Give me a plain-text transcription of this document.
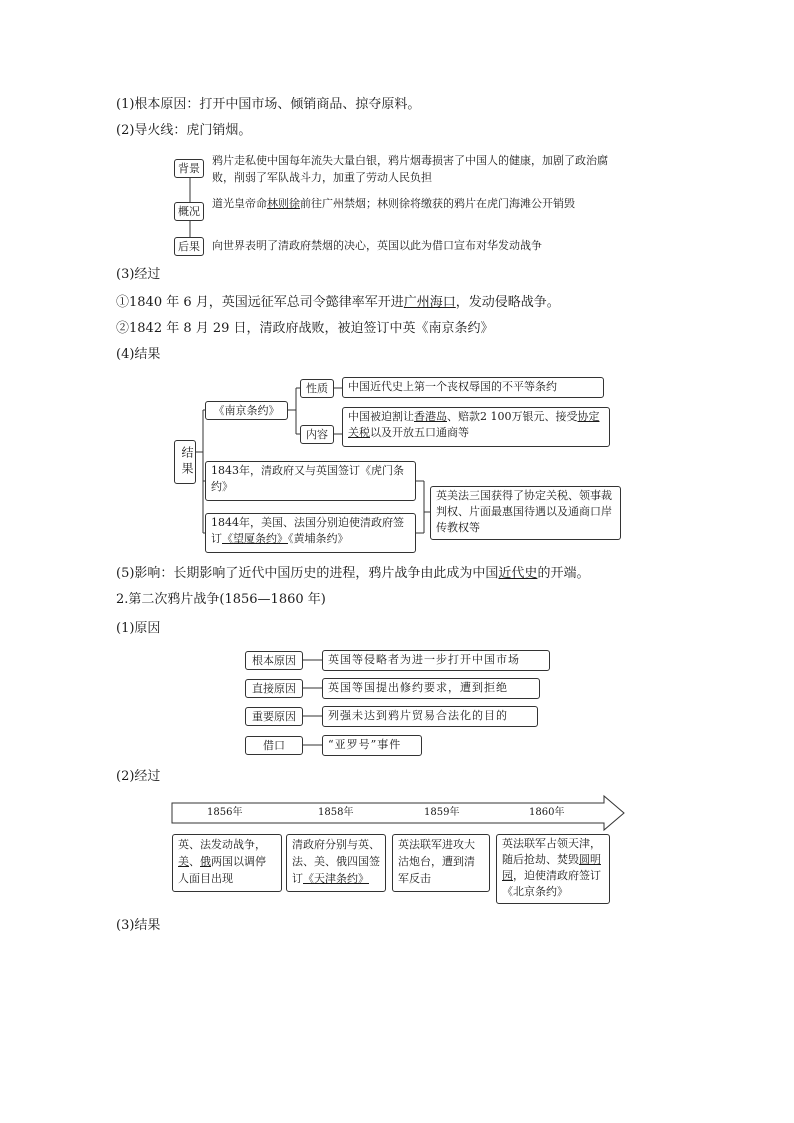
(1)根本原因：打开中国市场、倾销商品、掠夺原料。
(2)导火线：虎门销烟。
背景
鸦片走私使中国每年流失大量白银，鸦片烟毒损害了中国人的健康，加剧了政治腐败，削弱了军队战斗力，加重了劳动人民负担
概况
道光皇帝命林则徐前往广州禁烟；林则徐将缴获的鸦片在虎门海滩公开销毁
后果	向世界表明了清政府禁烟的决心，英国以此为借口宣布对华发动战争
(3)经过
①1840 年 6 月，英国远征军总司令懿律率军开进广州海口，发动侵略战争。
②1842 年 8 月 29 日，清政府战败，被迫签订中英《南京条约》
(4)结果
结果
《南京条约》
性质	中国近代史上第一个丧权辱国的不平等条约
内容
中国被迫割让香港岛、赔款2 100万银元、接受协定关税以及开放五口通商等
1843年，清政府又与英国签订《虎门条约》
1844年，美国、法国分别迫使清政府签订《望厦条约》《黄埔条约》
英美法三国获得了协定关税、领事裁判权、片面最惠国待遇以及通商口岸传教权等
(5)影响：长期影响了近代中国历史的进程，鸦片战争由此成为中国近代史的开端。
2.第二次鸦片战争(1856—1860 年)
(1)原因
根本原因	英国等侵略者为进一步打开中国市场
直接原因	英国等国提出修约要求，遭到拒绝
重要原因	列强未达到鸦片贸易合法化的目的
借口	“亚罗号”事件
(2)经过
1856年	1858年	1859年	1860年
英、法发动战争，美、俄两国以调停人面目出现
清政府分别与英、法、美、俄四国签订《天津条约》
英法联军进攻大沽炮台，遭到清军反击
英法联军占领天津，随后抢劫、焚毁圆明园，迫使清政府签订《北京条约》
(3)结果
